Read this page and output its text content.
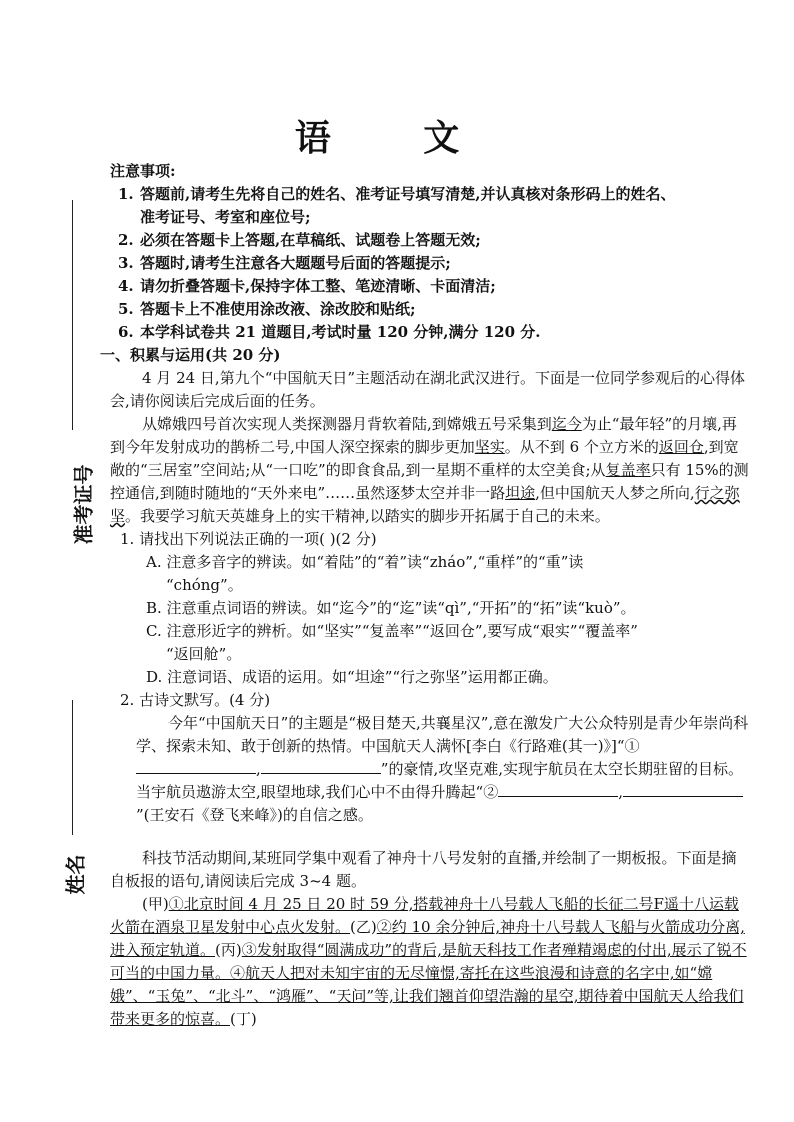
语 文
准考证号
姓名
注意事项:
1. 答题前,请考生先将自己的姓名、准考证号填写清楚,并认真核对条形码上的姓名、
准考证号、考室和座位号;
2. 必须在答题卡上答题,在草稿纸、试题卷上答题无效;
3. 答题时,请考生注意各大题题号后面的答题提示;
4. 请勿折叠答题卡,保持字体工整、笔迹清晰、卡面清洁;
5. 答题卡上不准使用涂改液、涂改胶和贴纸;
6. 本学科试卷共 21 道题目,考试时量 120 分钟,满分 120 分.
一、积累与运用(共 20 分)

4 月 24 日,第九个“中国航天日”主题活动在湖北武汉进行。下面是一位同学参观后的心得体会,请你阅读后完成后面的任务。

从嫦娥四号首次实现人类探测器月背软着陆,到嫦娥五号采集到迄今为止“最年轻”的月壤,再到今年发射成功的鹊桥二号,中国人深空探索的脚步更加坚实。从不到 6 个立方米的返回仓,到宽敞的“三居室”空间站;从“一口吃”的即食食品,到一星期不重样的太空美食;从复盖率只有 15%的测控通信,到随时随地的“天外来电”……虽然逐梦太空并非一路坦途,但中国航天人梦之所向,行之弥坚。我要学习航天英雄身上的实干精神,以踏实的脚步开拓属于自己的未来。

1. 请找出下列说法正确的一项( )(2 分)
A. 注意多音字的辨读。如“着陆”的“着”读“zháo”,“重样”的“重”读
“chóng”。
B. 注意重点词语的辨读。如“迄今”的“迄”读“qì”,“开拓”的“拓”读“kuò”。
C. 注意形近字的辨析。如“坚实”“复盖率”“返回仓”,要写成“艰实”“覆盖率”
“返回舱”。
D. 注意词语、成语的运用。如“坦途”“行之弥坚”运用都正确。
2. 古诗文默写。(4 分)

今年“中国航天日”的主题是“极目楚天,共襄星汉”,意在激发广大公众特别是青少年崇尚科学、探索未知、敢于创新的热情。中国航天人满怀[李白《行路难(其一)》]“①,	”的豪情,攻坚克难,实现宇航员在太空长期驻留的目标。当宇航员遨游太空,眼望地球,我们心中不由得升腾起“②	,”(王安石《登飞来峰》)的自信之感。

科技节活动期间,某班同学集中观看了神舟十八号发射的直播,并绘制了一期板报。下面是摘自板报的语句,请阅读后完成 3~4 题。

(甲)①北京时间 4 月 25 日 20 时 59 分,搭载神舟十八号载人飞船的长征二号F遥十八运载火箭在酒泉卫星发射中心点火发射。(乙)②约 10 余分钟后,神舟十八号载人飞船与火箭成功分离,进入预定轨道。(丙)③发射取得“圆满成功”的背后,是航天科技工作者殚精竭虑的付出,展示了锐不可当的中国力量。④航天人把对未知宇宙的无尽憧憬,寄托在这些浪漫和诗意的名字中,如“嫦娥”、“玉兔”、“北斗”、“鸿雁”、“天问”等,让我们翘首仰望浩瀚的星空,期待着中国航天人给我们带来更多的惊喜。(丁)
